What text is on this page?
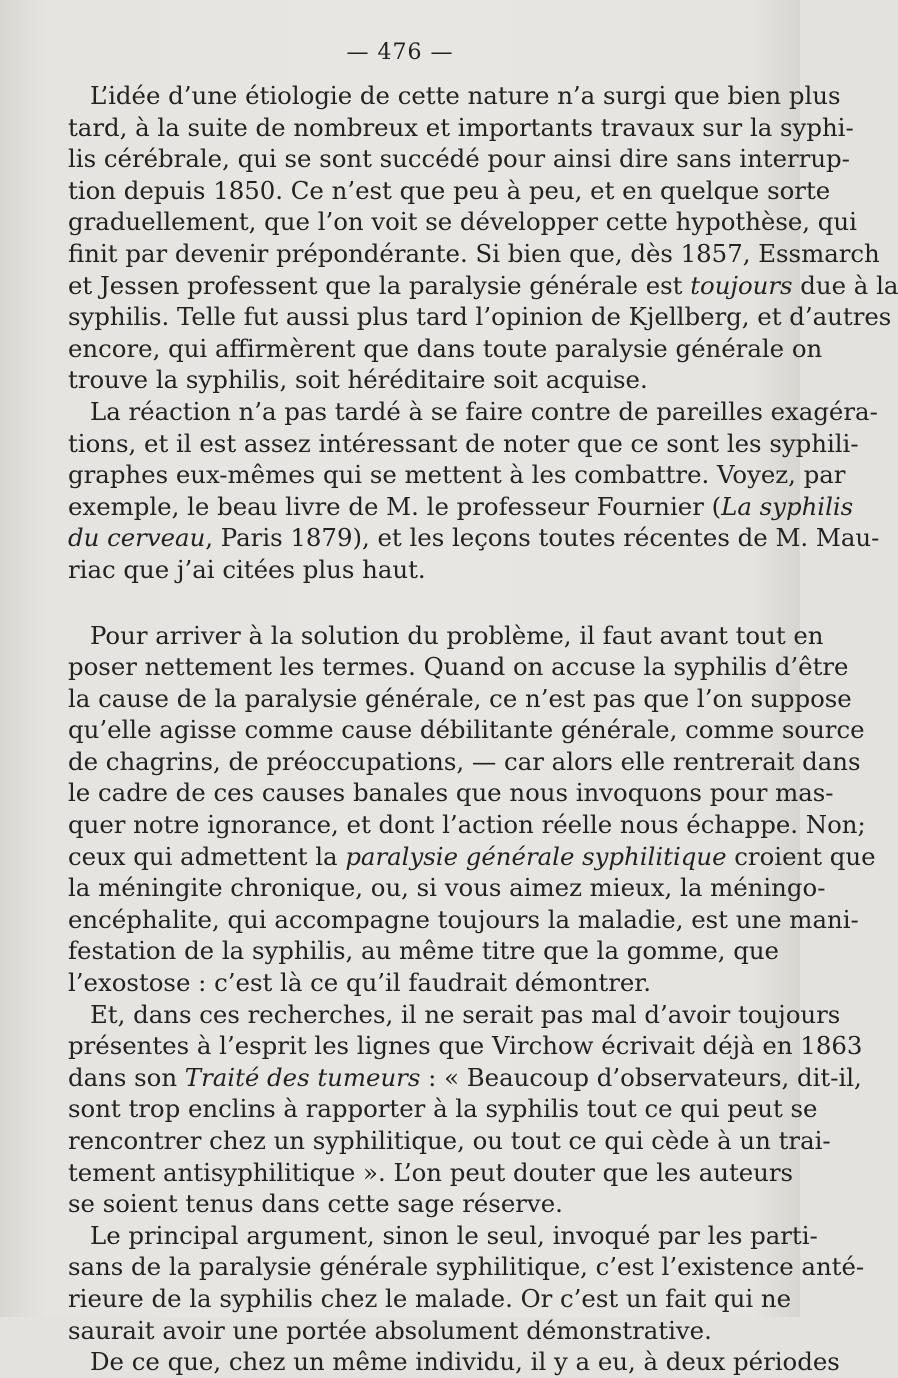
— 476 —
L’idée d’une étiologie de cette nature n’a surgi que bien plus
tard, à la suite de nombreux et importants travaux sur la syphi-
lis cérébrale, qui se sont succédé pour ainsi dire sans interrup-
tion depuis 1850. Ce n’est que peu à peu, et en quelque sorte
graduellement, que l’on voit se développer cette hypothèse, qui
finit par devenir prépondérante. Si bien que, dès 1857, Essmarch
et Jessen professent que la paralysie générale est toujours due à la
syphilis. Telle fut aussi plus tard l’opinion de Kjellberg, et d’autres
encore, qui affirmèrent que dans toute paralysie générale on
trouve la syphilis, soit héréditaire soit acquise.
La réaction n’a pas tardé à se faire contre de pareilles exagéra-
tions, et il est assez intéressant de noter que ce sont les syphili-
graphes eux-mêmes qui se mettent à les combattre. Voyez, par
exemple, le beau livre de M. le professeur Fournier (La syphilis
du cerveau, Paris 1879), et les leçons toutes récentes de M. Mau-
riac que j’ai citées plus haut.
Pour arriver à la solution du problème, il faut avant tout en
poser nettement les termes. Quand on accuse la syphilis d’être
la cause de la paralysie générale, ce n’est pas que l’on suppose
qu’elle agisse comme cause débilitante générale, comme source
de chagrins, de préoccupations, — car alors elle rentrerait dans
le cadre de ces causes banales que nous invoquons pour mas-
quer notre ignorance, et dont l’action réelle nous échappe. Non;
ceux qui admettent la paralysie générale syphilitique croient que
la méningite chronique, ou, si vous aimez mieux, la méningo-
encéphalite, qui accompagne toujours la maladie, est une mani-
festation de la syphilis, au même titre que la gomme, que
l’exostose : c’est là ce qu’il faudrait démontrer.
Et, dans ces recherches, il ne serait pas mal d’avoir toujours
présentes à l’esprit les lignes que Virchow écrivait déjà en 1863
dans son Traité des tumeurs : « Beaucoup d’observateurs, dit-il,
sont trop enclins à rapporter à la syphilis tout ce qui peut se
rencontrer chez un syphilitique, ou tout ce qui cède à un trai-
tement antisyphilitique ». L’on peut douter que les auteurs
se soient tenus dans cette sage réserve.
Le principal argument, sinon le seul, invoqué par les parti-
sans de la paralysie générale syphilitique, c’est l’existence anté-
rieure de la syphilis chez le malade. Or c’est un fait qui ne
saurait avoir une portée absolument démonstrative.
De ce que, chez un même individu, il y a eu, à deux périodes
